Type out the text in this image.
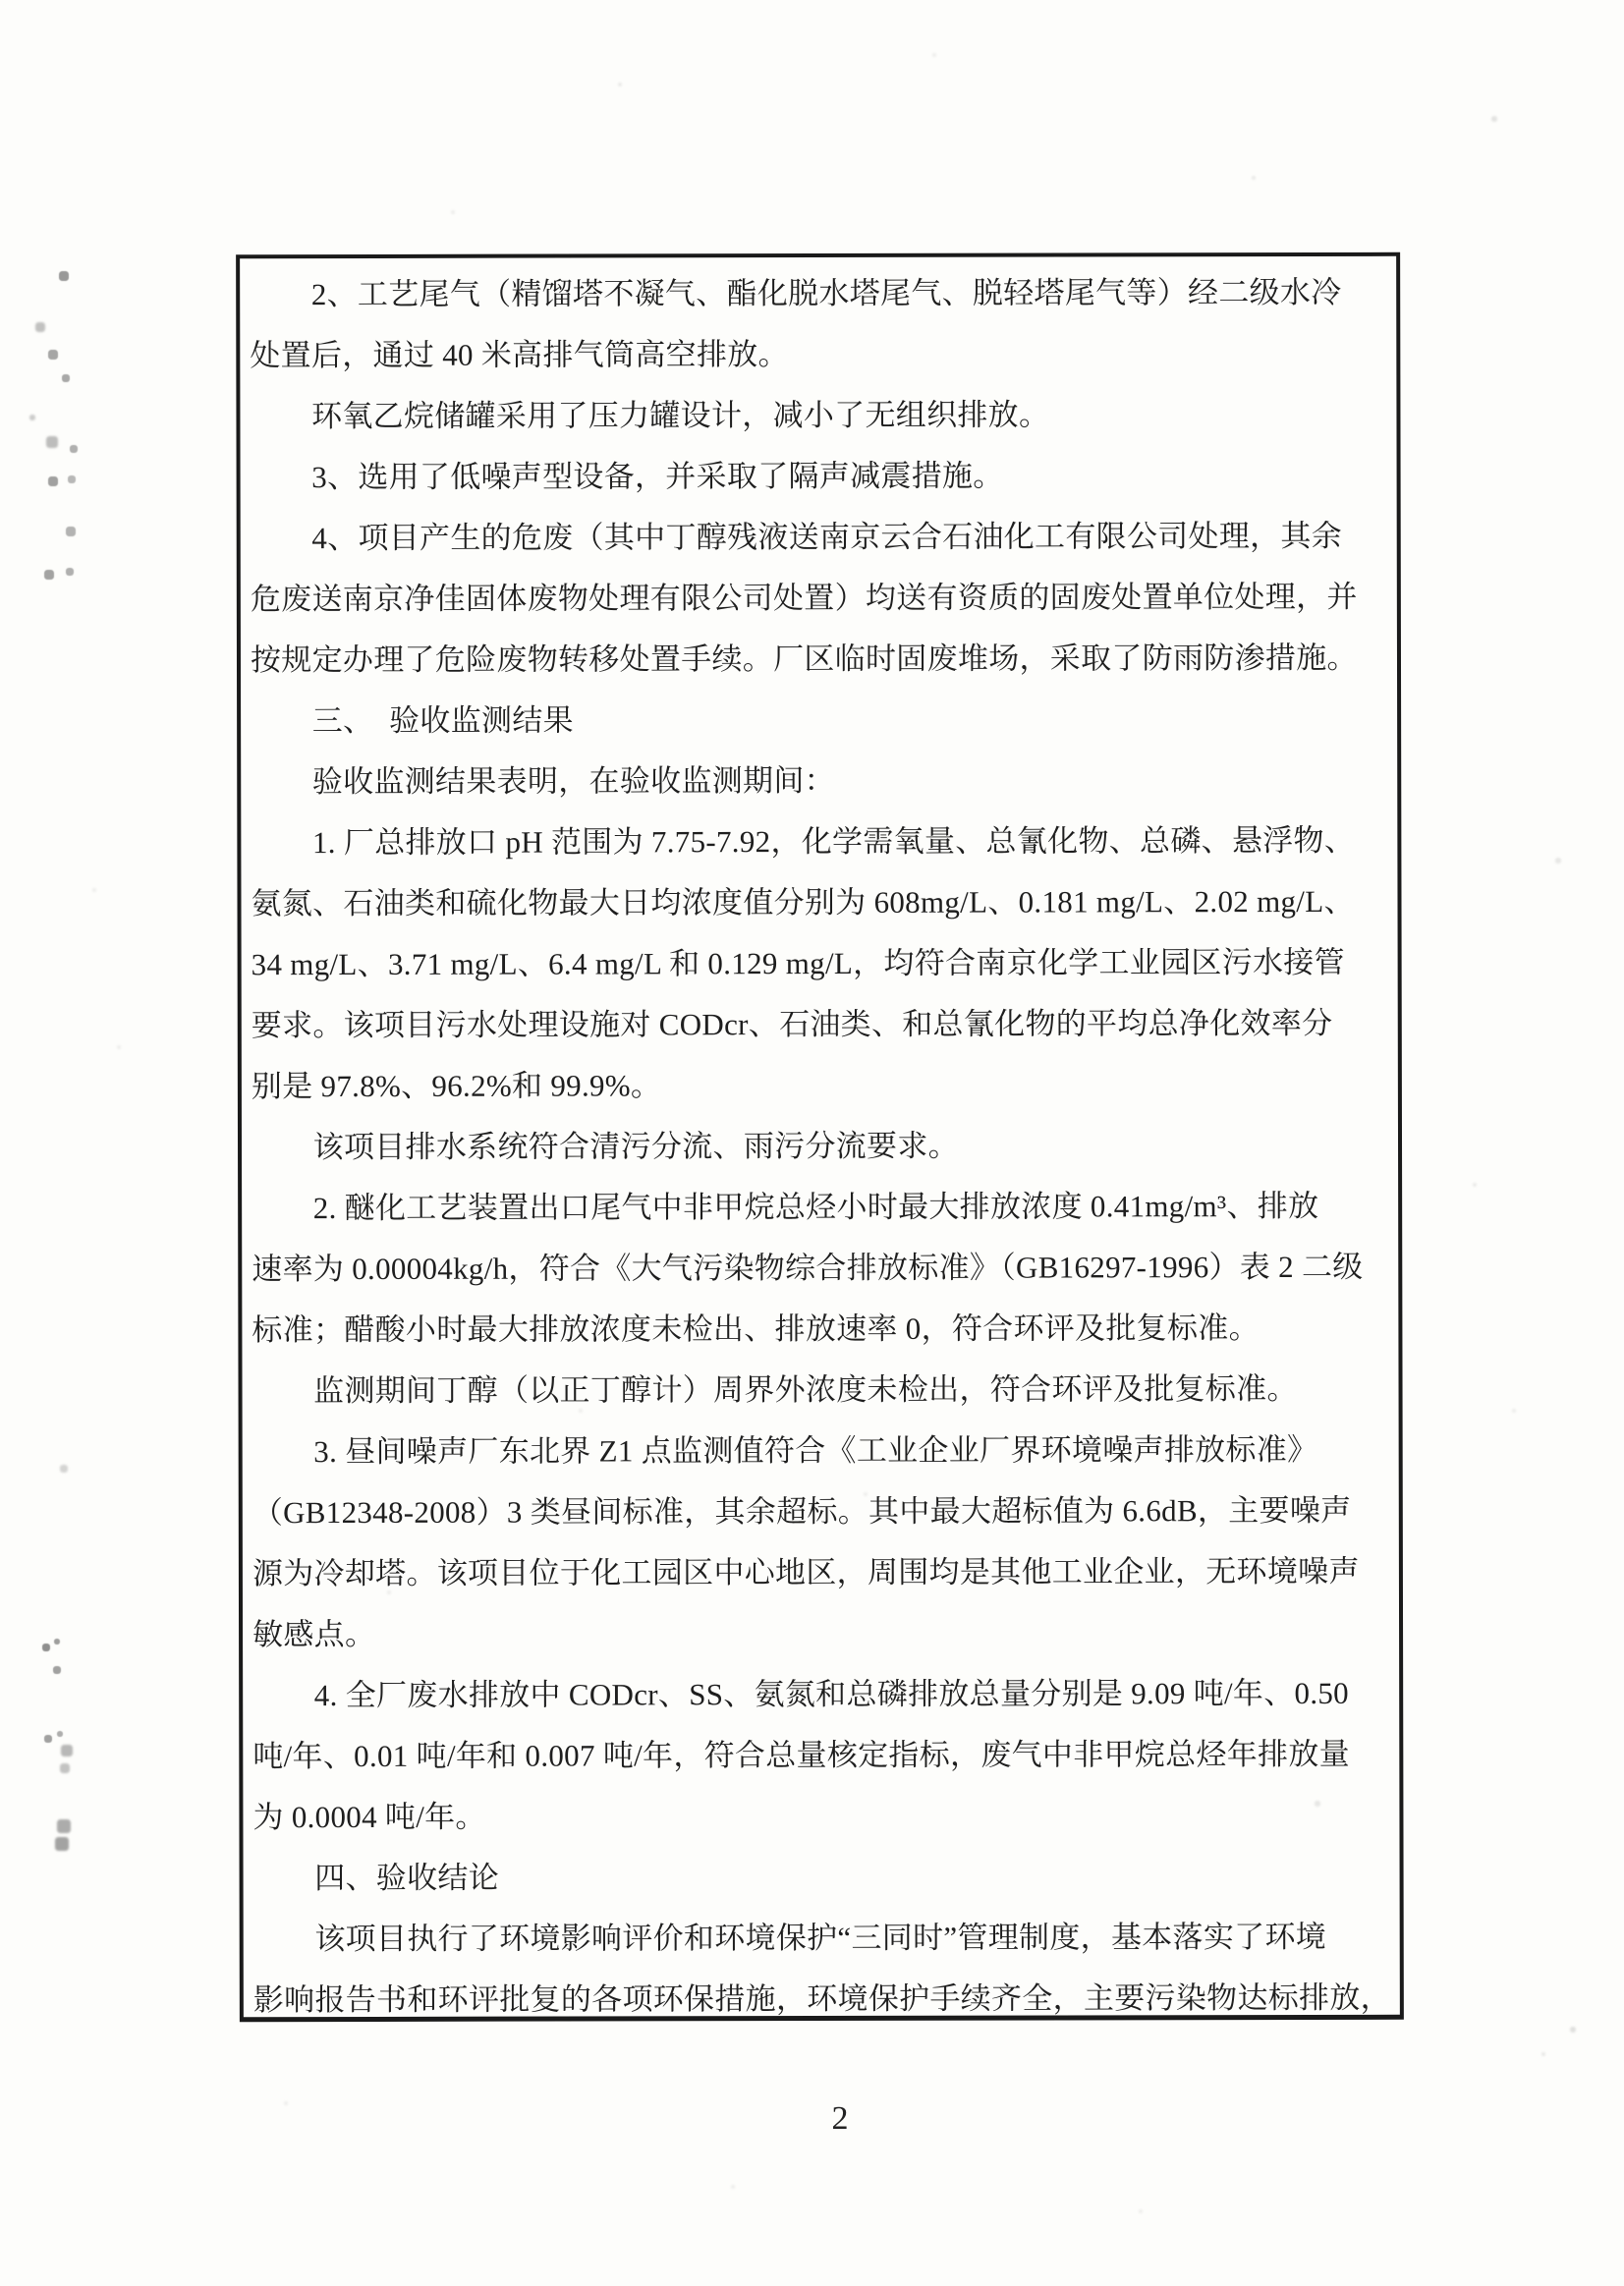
　　2、工艺尾气（精馏塔不凝气、酯化脱水塔尾气、脱轻塔尾气等）经二级水冷
处置后，通过 40 米高排气筒高空排放。
　　环氧乙烷储罐采用了压力罐设计，减小了无组织排放。
　　3、选用了低噪声型设备，并采取了隔声减震措施。
　　4、项目产生的危废（其中丁醇残液送南京云合石油化工有限公司处理，其余
危废送南京净佳固体废物处理有限公司处置）均送有资质的固废处置单位处理，并
按规定办理了危险废物转移处置手续。厂区临时固废堆场，采取了防雨防渗措施。
　　三、　验收监测结果
　　验收监测结果表明，在验收监测期间：
　　1. 厂总排放口 pH 范围为 7.75-7.92，化学需氧量、总氰化物、总磷、悬浮物、
氨氮、石油类和硫化物最大日均浓度值分别为 608mg/L、0.181 mg/L、2.02 mg/L、
34 mg/L、3.71 mg/L、6.4 mg/L 和 0.129 mg/L，均符合南京化学工业园区污水接管
要求。该项目污水处理设施对 CODcr、石油类、和总氰化物的平均总净化效率分
别是 97.8%、96.2%和 99.9%。
　　该项目排水系统符合清污分流、雨污分流要求。
　　2. 醚化工艺装置出口尾气中非甲烷总烃小时最大排放浓度 0.41mg/m³、排放
速率为 0.00004kg/h，符合《大气污染物综合排放标准》（GB16297-1996）表 2 二级
标准；醋酸小时最大排放浓度未检出、排放速率 0，符合环评及批复标准。
　　监测期间丁醇（以正丁醇计）周界外浓度未检出，符合环评及批复标准。
　　3. 昼间噪声厂东北界 Z1 点监测值符合《工业企业厂界环境噪声排放标准》
（GB12348-2008）3 类昼间标准，其余超标。其中最大超标值为 6.6dB，主要噪声
源为冷却塔。该项目位于化工园区中心地区，周围均是其他工业企业，无环境噪声
敏感点。
　　4. 全厂废水排放中 CODcr、SS、氨氮和总磷排放总量分别是 9.09 吨/年、0.50
吨/年、0.01 吨/年和 0.007 吨/年，符合总量核定指标，废气中非甲烷总烃年排放量
为 0.0004 吨/年。
　　四、验收结论
　　该项目执行了环境影响评价和环境保护“三同时”管理制度，基本落实了环境
影响报告书和环评批复的各项环保措施，环境保护手续齐全，主要污染物达标排放，
2
